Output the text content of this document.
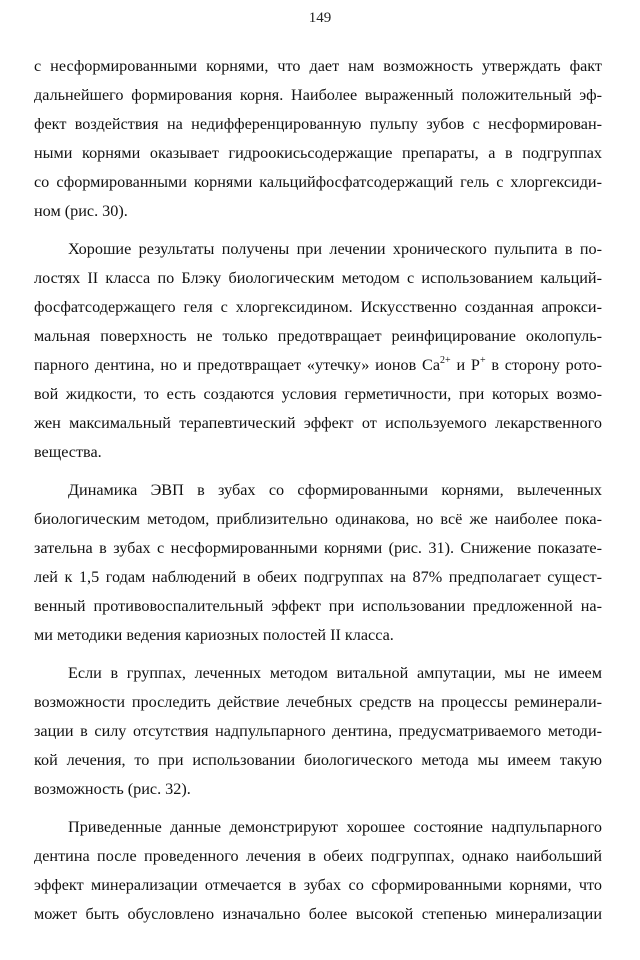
149
с несформированными корнями, что дает нам возможность утверждать факт
дальнейшего формирования корня. Наиболее выраженный положительный эф-
фект воздействия на недифференцированную пульпу зубов с несформирован-
ными корнями оказывает гидроокисьсодержащие препараты, а в подгруппах
со сформированными корнями кальцийфосфатсодержащий гель с хлоргексиди-
ном (рис. 30).
Хорошие результаты получены при лечении хронического пульпита в по-
лостях II класса по Блэку биологическим методом с использованием кальций-
фосфатсодержащего геля с хлоргексидином. Искусственно созданная апрокси-
мальная поверхность не только предотвращает реинфицирование околопуль-
парного дентина, но и предотвращает «утечку» ионов $Ca^{2+}$ и P+ в сторону рото-
вой жидкости, то есть создаются условия герметичности, при которых возмо-
жен максимальный терапевтический эффект от используемого лекарственного
вещества.
Динамика ЭВП в зубах со сформированными корнями, вылеченных
биологическим методом, приблизительно одинакова, но всё же наиболее пока-
зательна в зубах с несформированными корнями (рис. 31). Снижение показате-
лей к 1,5 годам наблюдений в обеих подгруппах на 87% предполагает сущест-
венный противовоспалительный эффект при использовании предложенной на-
ми методики ведения кариозных полостей II класса.
Если в группах, леченных методом витальной ампутации, мы не имеем
возможности проследить действие лечебных средств на процессы реминерали-
зации в силу отсутствия надпульпарного дентина, предусматриваемого методи-
кой лечения, то при использовании биологического метода мы имеем такую
возможность (рис. 32).
Приведенные данные демонстрируют хорошее состояние надпульпарного
дентина после проведенного лечения в обеих подгруппах, однако наибольший
эффект минерализации отмечается в зубах со сформированными корнями, что
может быть обусловлено изначально более высокой степенью минерализации
